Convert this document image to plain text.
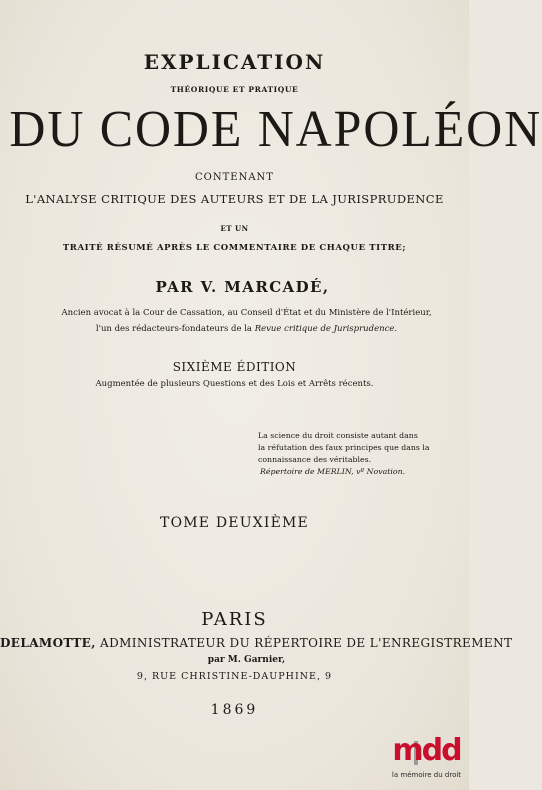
EXPLICATION
THÉORIQUE ET PRATIQUE
DU CODE NAPOLÉON
CONTENANT
L'ANALYSE CRITIQUE DES AUTEURS ET DE LA JURISPRUDENCE
ET UN
TRAITÉ RÉSUMÉ APRÈS LE COMMENTAIRE DE CHAQUE TITRE;
PAR V. MARCADÉ,
Ancien avocat à la Cour de Cassation, au Conseil d'État et du Ministère de l'Intérieur,
l'un des rédacteurs-fondateurs de la Revue critique de Jurisprudence.
SIXIÈME ÉDITION
Augmentée de plusieurs Questions et des Lois et Arrêts récents.
La science du droit consiste autant dans
la réfutation des faux principes que dans la
connaissance des véritables.
Répertoire de MERLIN, vº Novation.
TOME DEUXIÈME
PARIS
DELAMOTTE, ADMINISTRATEUR DU RÉPERTOIRE DE L'ENREGISTREMENT
par M. Garnier,
9, RUE CHRISTINE-DAUPHINE, 9
1869
mdd
la mémoire du droit
